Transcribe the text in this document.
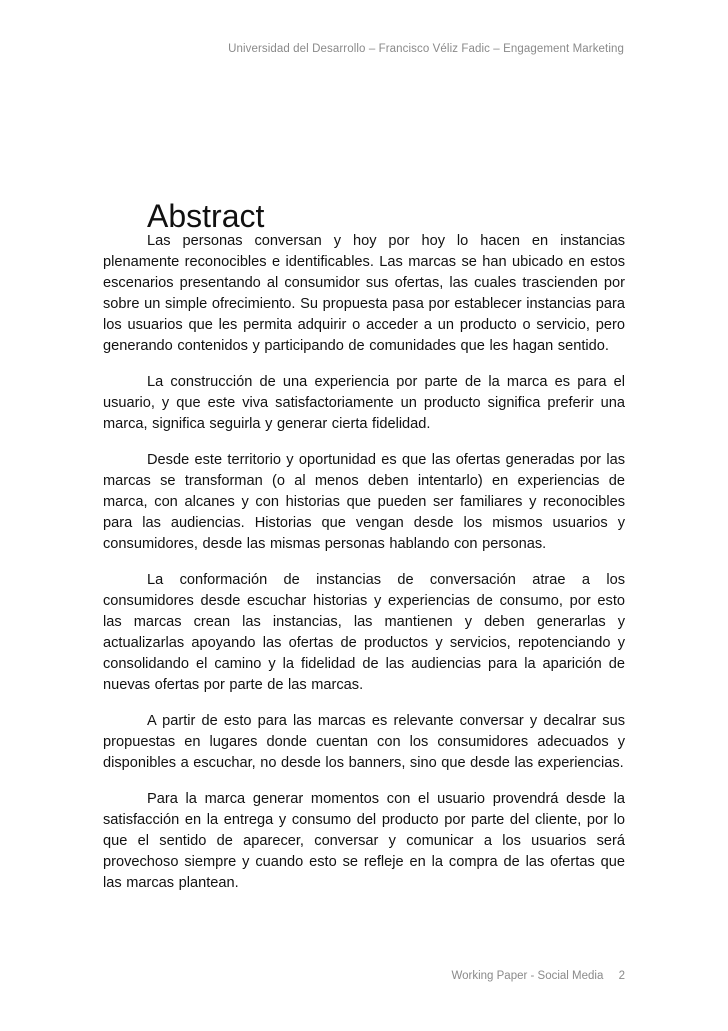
Universidad del Desarrollo – Francisco Véliz Fadic – Engagement Marketing
Abstract

Las personas conversan y hoy por hoy lo hacen en instancias plenamente reconocibles e identificables. Las marcas se han ubicado en estos escenarios presentando al consumidor sus ofertas, las cuales trascienden por sobre un simple ofrecimiento. Su propuesta pasa por establecer instancias para los usuarios que les permita adquirir o acceder a un producto o servicio, pero generando contenidos y participando de comunidades que les hagan sentido.

La construcción de una experiencia por parte de la marca es para el usuario, y que este viva satisfactoriamente un producto significa preferir una marca, significa seguirla y generar cierta fidelidad.

Desde este territorio y oportunidad es que las ofertas generadas por las marcas se transforman (o al menos deben intentarlo) en experiencias de marca, con alcanes y con historias que pueden ser familiares y reconocibles para las audiencias. Historias que vengan desde los mismos usuarios y consumidores, desde las mismas personas hablando con personas.

La conformación de instancias de conversación atrae a los consumidores desde escuchar historias y experiencias de consumo, por esto las marcas crean las instancias, las mantienen y deben generarlas y actualizarlas apoyando las ofertas de productos y servicios, repotenciando y consolidando el camino y la fidelidad de las audiencias para la aparición de nuevas ofertas por parte de las marcas.

A partir de esto para las marcas es relevante conversar y decalrar sus propuestas en lugares donde cuentan con los consumidores adecuados y disponibles a escuchar, no desde los banners, sino que desde las experiencias.

Para la marca generar momentos con el usuario provendrá desde la satisfacción en la entrega y consumo del producto por parte del cliente, por lo que el sentido de aparecer, conversar y comunicar a los usuarios será provechoso siempre y cuando esto se refleje en la compra de las ofertas que las marcas plantean.

Working Paper - Social Media 2
